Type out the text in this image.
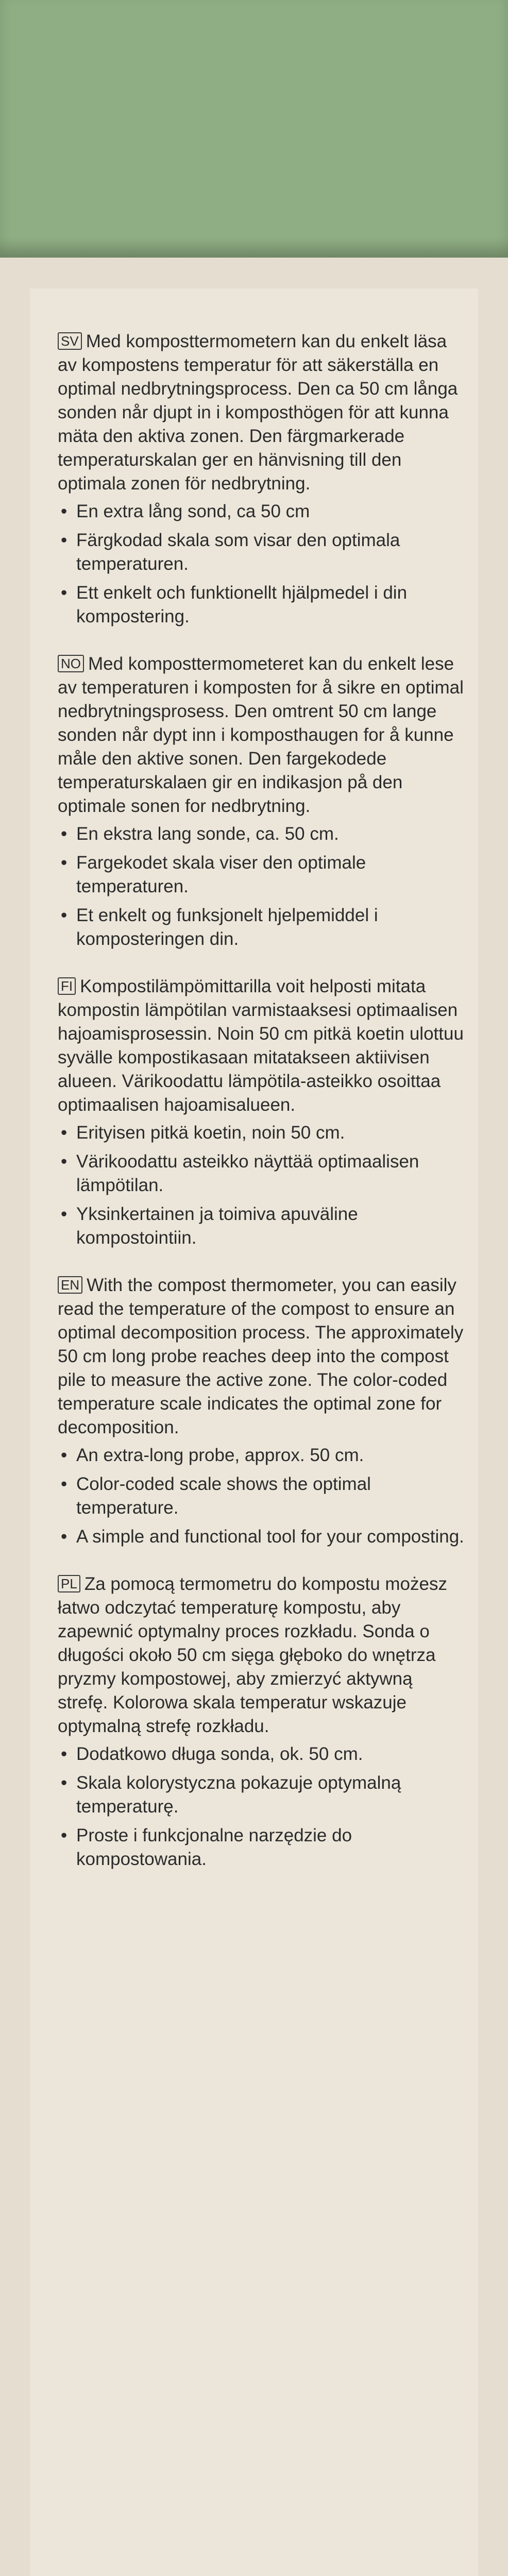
SV Med komposttermometern kan du enkelt läsa av kompostens temperatur för att säkerställa en optimal nedbrytningsprocess. Den ca 50 cm långa sonden når djupt in i komposthögen för att kunna mäta den aktiva zonen. Den färgmarkerade temperaturskalan ger en hänvisning till den optimala zonen för nedbrytning.

• En extra lång sond, ca 50 cm
• Färgkodad skala som visar den optimala temperaturen.
• Ett enkelt och funktionellt hjälpmedel i din kompostering.

NO Med komposttermometeret kan du enkelt lese av temperaturen i komposten for å sikre en optimal nedbrytningsprosess. Den omtrent 50 cm lange sonden når dypt inn i komposthaugen for å kunne måle den aktive sonen. Den fargekodede temperaturskalaen gir en indikasjon på den optimale sonen for nedbrytning.

• En ekstra lang sonde, ca. 50 cm.
• Fargekodet skala viser den optimale temperaturen.
• Et enkelt og funksjonelt hjelpemiddel i komposteringen din.

FI Kompostilämpömittarilla voit helposti mitata kompostin lämpötilan varmistaaksesi optimaalisen hajoamisprosessin. Noin 50 cm pitkä koetin ulottuu syvälle kompostikasaan mitatakseen aktiivisen alueen. Värikoodattu lämpötila-asteikko osoittaa optimaalisen hajoamisalueen.

• Erityisen pitkä koetin, noin 50 cm.
• Värikoodattu asteikko näyttää optimaalisen lämpötilan.
• Yksinkertainen ja toimiva apuväline kompostointiin.

EN With the compost thermometer, you can easily read the temperature of the compost to ensure an optimal decomposition process. The approximately 50 cm long probe reaches deep into the compost pile to measure the active zone. The color-coded temperature scale indicates the optimal zone for decomposition.

• An extra-long probe, approx. 50 cm.
• Color-coded scale shows the optimal temperature.
• A simple and functional tool for your composting.

PL Za pomocą termometru do kompostu możesz łatwo odczytać temperaturę kompostu, aby zapewnić optymalny proces rozkładu. Sonda o długości około 50 cm sięga głęboko do wnętrza pryzmy kompostowej, aby zmierzyć aktywną strefę. Kolorowa skala temperatur wskazuje optymalną strefę rozkładu.

• Dodatkowo długa sonda, ok. 50 cm.
• Skala kolorystyczna pokazuje optymalną temperaturę.
• Proste i funkcjonalne narzędzie do kompostowania.
